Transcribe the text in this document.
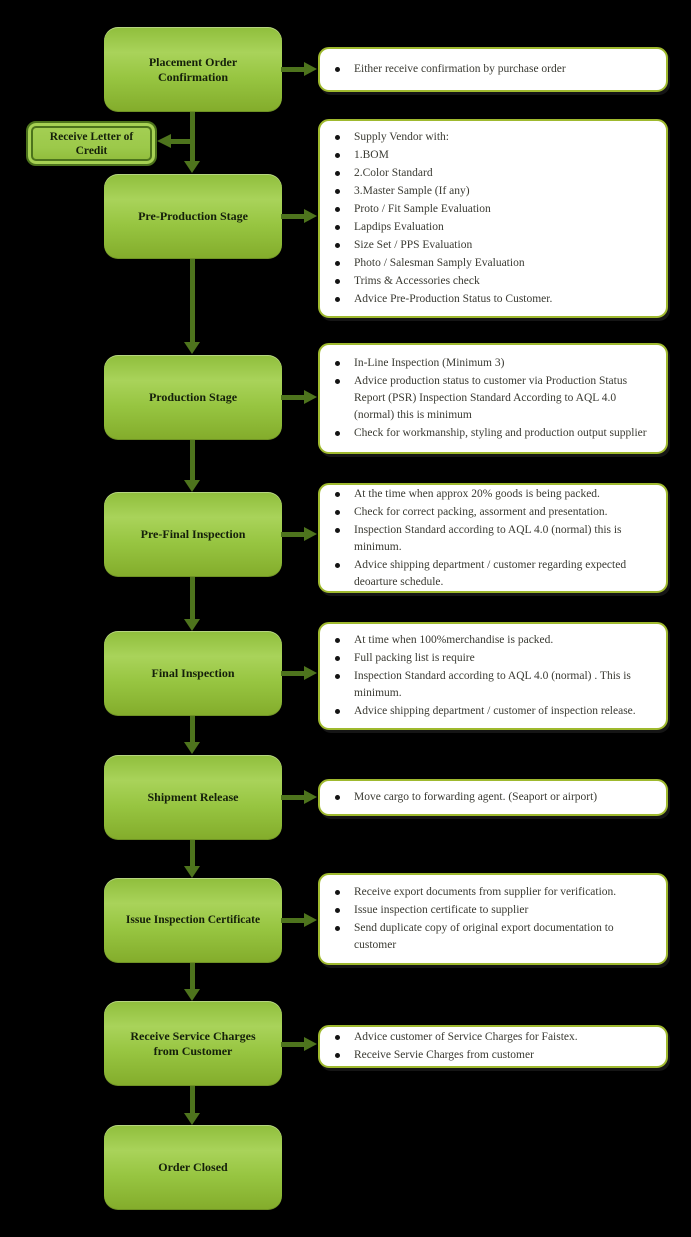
Placement Order Confirmation
Pre-Production Stage
Production Stage
Pre-Final Inspection
Final Inspection
Shipment Release
Issue Inspection Certificate
Receive Service Charges from Customer
Order Closed
Receive Letter of Credit
Either receive confirmation by purchase order
Supply Vendor with:
1.BOM
2.Color Standard
3.Master Sample (If any)
Proto / Fit Sample Evaluation
Lapdips Evaluation
Size Set / PPS Evaluation
Photo / Salesman Samply Evaluation
Trims & Accessories check
Advice Pre-Production Status to Customer.
In-Line Inspection (Minimum 3)
Advice production status to customer via Production Status Report (PSR) Inspection Standard According to AQL 4.0 (normal) this is minimum
Check for workmanship, styling and production output supplier
At the time when approx 20% goods is being packed.
Check for correct packing, assorment and presentation.
Inspection Standard according to AQL 4.0 (normal) this is minimum.
Advice shipping department / customer regarding expected deoarture schedule.
At time when 100%merchandise is packed.
Full packing list is require
Inspection Standard according to AQL 4.0 (normal) . This is minimum.
Advice shipping department / customer of inspection release.
Move cargo to forwarding agent. (Seaport or airport)
Receive export documents from supplier for verification.
Issue inspection certificate to supplier
Send duplicate copy of original export documentation to customer
Advice customer of Service Charges for Faistex.
Receive Servie Charges from customer
